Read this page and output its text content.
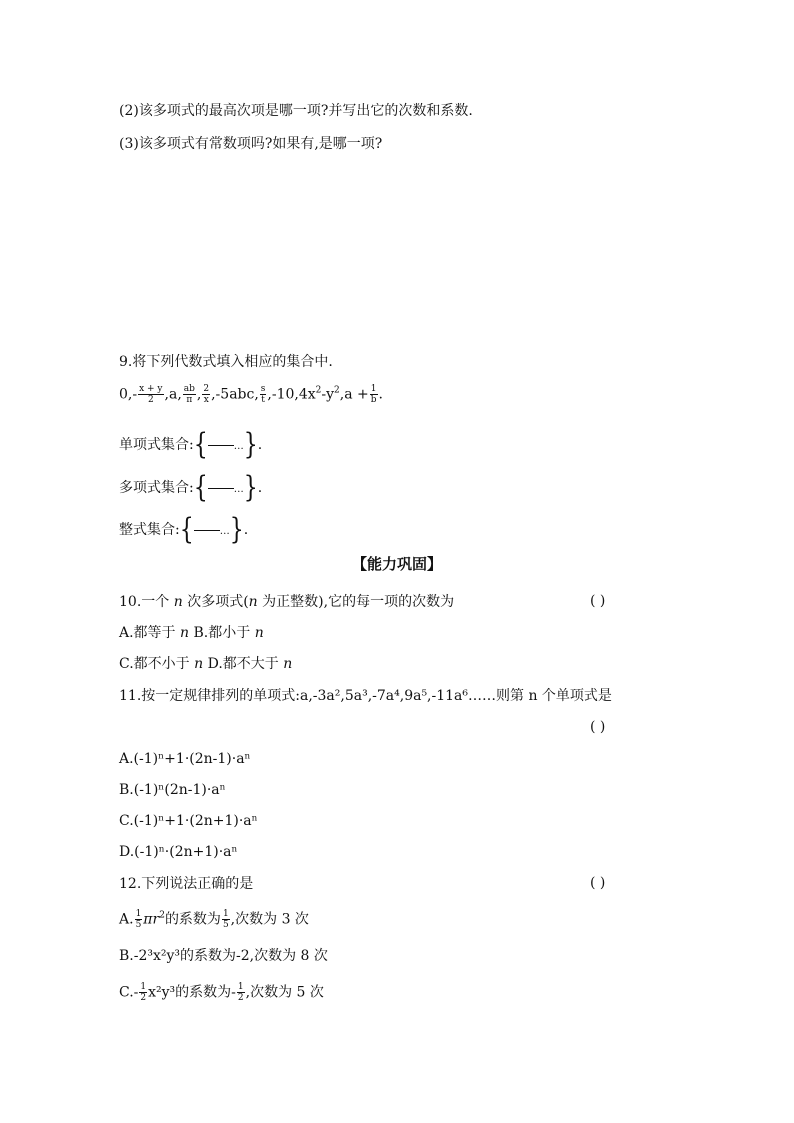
(2)该多项式的最高次项是哪一项?并写出它的次数和系数.
(3)该多项式有常数项吗?如果有,是哪一项?
9.将下列代数式填入相应的集合中.
$0,- \frac{x + y}{2} ,a$, $\frac{ab}{\pi}$ , $\frac{2}{x} ,-5abc$, $\frac{s}{t} ,-10,4x^2-y^2,a + \frac{1}{b}$ .
单项式集合:{	…}.
多项式集合:{	…}.
整式集合:{	…}.
【能力巩固】
10.一个 n 次多项式(n 为正整数),它的每一项的次数为	( )
A.都等于 n B.都小于 n
C.都不小于 n D.都不大于 n
11.按一定规律排列的单项式:a,-3a²,5a³,-7a⁴,9a⁵,-11a⁶……则第 n 个单项式是
( )
A.(-1)ⁿ+1·(2n-1)·aⁿ
B.(-1)ⁿ(2n-1)·aⁿ
C.(-1)ⁿ+1·(2n+1)·aⁿ
D.(-1)ⁿ·(2n+1)·aⁿ
12.下列说法正确的是	( )
A. $\frac{1}{5} \pi r^2$的系数为 $\frac{1}{5}$ ,次数为 3 次
B.-2³x²y³的系数为-2,次数为 8 次
$C.- \frac{1}{2} x^2y^3$的系数为- $\frac{1}{2}$ ,次数为 5 次
